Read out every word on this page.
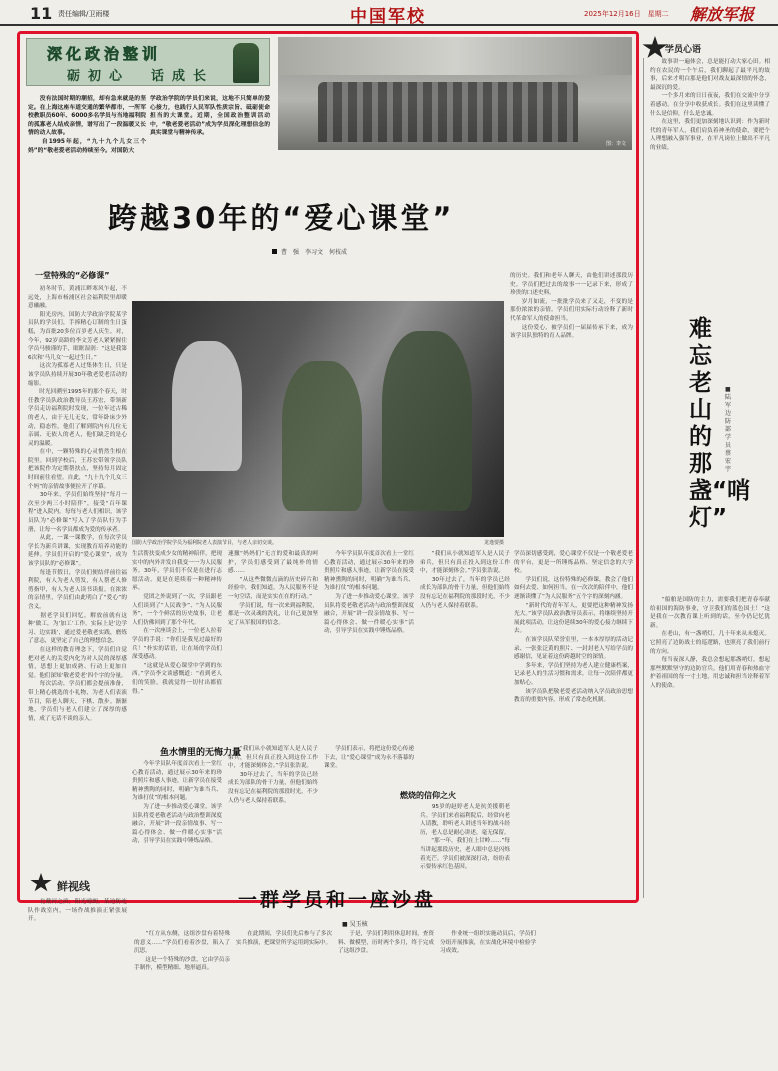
11 责任编辑/卫雨楼	中国军校	2025年12月16日　星期二 解放军报
深化政治整训
砺初心　话成长
　　没有法国时期的潮招，却有急来就是的坚定。在上海这座车道交通的繁华都市，一所军校教职员60年、6000多名学员与当地福利院的孤寡老人结成亲情，谱写出了一段温暖又长情的动人故事。
　　自1995年起，“九十九个儿女三个妈”的“敬老爱老活动持续至今。对国防大
学政治学院的学员们来说，这地不只简单的爱心接力，也践行人民军队性质宗旨、砥砺使命担当的大课堂。近期，全国政治整训活动中，“敬老爱老活动”成为学员深化理想信念的真实课堂与精神传承。
图：李文
跨越30年的“爱心课堂”
曹　强　李习文　何枝成
一堂特殊的“必修课”
　　初冬时节，黄浦江畔寒风乍起，不远处，上海市杨浦区社会福利院里却暖意融融。
　　阳光房内，国防大学政治学院某学员队的学员们，手捧精心订制的生日蛋糕，为首批20多位百岁老人庆生。对，今年，92岁高龄的李文芳老人紧紧握住学员马骏谨的手，眼眶湿润：“这是我第6次和‘马儿女’一起过生日。”
　　这次为孤寡老人过集体生日，只是该学员队持续开展30年敬老爱老活动的缩影。
　　时光回溯至1995年的那个春天，时任教学员队政治教导员王苏宏，带领新学员走访福利院时发现，一位年过古稀的老人，由于无儿无女，常年卧床少外动，稳态性，他们了解到院内有几位无亲属、无依人的老人，他们缺乏的是心灵的温暖。
　　在中，一颗特殊的心灵悄然生根在院里。回到学校后，王苏宏带领学员队把该院作为定期帮扶点，坚持每月固定时间前往看望。自此，“九十九个儿女三个妈”的亲情故事便拉开了序幕。
　　30年来，学员们始终坚持“每月一次至少两三小时陪伴”，接受“百年课程”进入院内。每每与老人们相识，该学员队为“必修课”写入了学员队行为手册，让每一名学员都成为爱的传承者。
　　从此，一课一课教学，在每次学员学长为新兵讲课，实现教育培养功能的延伸。学员们开启的“爱心课堂”，成为该学员队的“必修课”。
　　每逢节假日，学员们便结伴前往福利院，有人为老人剪发，有人帮老人修剪指甲，有人为老人读书读报。在浓浓的亲情里，学员们由此明白了“爱心”的含义。
　　据老学员们回忆，解放前就有这种‘做工，为‘加工’工作。实际上是‘边学习、边实践’，通过爱老敬老实践，磨炼了意志，更坚定了自己的理想信念。
　　在这样的教育理念下，学员们自觉把对老人的关爱内化为对人民的深厚感情，思想上更加成熟、行动上更加自觉。他们深知‘敬老爱老’四个字的分量。
　　每次活动，学员们都会提前准备，带上精心挑选的小礼物，为老人们表演节目，陪老人聊天、下棋、散步。渐渐地，学员们与老人们建立了深厚的感情，成了无话不谈的亲人。
国防大学政治学院学员为福利院老人表演节目，与老人亲切交谈。	龙逸要摄
的历史。我们和老年人聊天，由他们讲述那段历史。学员们把过去的故事一一记录下来，形成了珍贵的口述史料。
　　岁月如流，一批批学员来了又走，不变的是那份浓浓的亲情。学员们用实际行动诠释了新时代革命军人的使命担当。
　　这份爱心，被学员们一届届传承下来，成为该学员队独特的育人品牌。
生活帮扶变成少女的精神陪伴，把现实中的内外并发自我变一一为人民服务。30年，学员们不仅是在进行志愿活动，更是在延续着一种精神传承。
　　党团之外说到了一次，学员跟老人们谈到了“人民战争”、“为人民服务”，一个个鲜活的历史故事，让老人们仿佛回到了那个年代。
　　在一次座谈会上，一位老人拉着学员的手说：“你们是我见过最好的兵！”朴实的话语，让在场的学员们深受感动。
　　“这就是从爱心课堂中学到的东西。”学员李文谈感慨道：“看到老人们的笑脸，我就觉得一切付出都值得。”
速撤“妈妈们”无言的爱和最真的呵护，学员们感受到了最纯朴的情感……
　　“从这些微微点滴的历史碎片和经验中，我们知道，为人民服务不是一句空话，而是实实在在的行动。”
　　学员们说，每一次来到福利院，都是一次灵魂的洗礼，让自己更加坚定了从军报国的信念。
　　今年学员队年度首次看上一堂红心教育活动，通过展示30年来的珍贵照片和感人事迹，让新学员在接受精神熏陶的同时，明确“为谁当兵、为谁打仗”的根本问题。
　　为了进一步推动爱心课堂，该学员队将爱老敬老活动与政治整训深度融合，开展“讲一段亲情故事、写一篇心得体会、做一件暖心实事”活动，引导学员在实践中锤炼品格。
　　“我们从小就知道军人是人民子弟兵，但只有真正投入到这份工作中，才能深刻体会。”学员张浩说。
　　30年过去了，当年的学员已经成长为部队的骨干力量，但他们始终没有忘记在福利院的那段时光，不少人仍与老人保持着联系。
学员深切感受到，爱心课堂不仅是一个敬老爱老的平台，更是一所锤炼品格、坚定信念的大学校。
　　学员们说，这份特殊的必修课，教会了他们如何去爱、如何担当。在一次次的陪伴中，他们逐渐读懂了“为人民服务”五个字的深刻内涵。
　　“新时代的青年军人，更要把这种精神发扬光大。”该学员队政治教导员表示，将继续坚持开展此项活动，让这份延续30年的爱心接力继续下去。
　　在该学员队荣誉室里，一本本厚厚的活动记录、一张张泛黄的照片、一封封老人写给学员的感谢信，见证着这份跨越时空的深情。
　　多年来，学员们坚持为老人建立健康档案，记录老人的生活习惯和需求，让每一次陪伴都更加贴心。
　　该学员队把敬老爱老活动纳入学员政治思想教育的重要内容，形成了常态化机制。
鱼水情里的无悔力量
　　今年学员队年度首次看上一堂红心教育活动，通过展示30年来的珍贵照片和感人事迹，让新学员在接受精神熏陶的同时，明确“为谁当兵、为谁打仗”的根本问题。
　　为了进一步推动爱心课堂，该学员队将爱老敬老活动与政治整训深度融合，开展“讲一段亲情故事、写一篇心得体会、做一件暖心实事”活动，引导学员在实践中锤炼品格。
　　“我们从小就知道军人是人民子弟兵，但只有真正投入到这份工作中，才能深刻体会。”学员张浩说。
　　30年过去了，当年的学员已经成长为部队的骨干力量，但他们始终没有忘记在福利院的那段时光，不少人仍与老人保持着联系。
　　学员们表示，将把这份爱心传递下去，让“爱心课堂”成为永不落幕的课堂。
燃烧的信仰之火
　　95岁的赵婷老人是抗美援朝老兵。学员们来看福利院后，经常向老人请教，聆听老人讲述当年的战斗经历，老人总是耐心讲述，毫无保留。
　　“那一年，我们在上甘岭……”每当讲起那段历史，老人眼中总是闪烁着光芒。学员们被深深打动，纷纷表示要传承红色基因。
学员心语
　　故事讲一遍体会，总是能打动大家心田。相约在农民的一个午后，我们聊起了最平凡的故事，后来才明白那是他们对战友最深情的怀念，最深沉的爱。
　　一个多月来的日日夜夜，我们在交流中分享着感动，在分享中收获成长。我们在这里读懂了什么是信仰，什么是忠诚。
　　在这里，我们更加深刻地认识到：作为新时代的青年军人，我们肩负着神圣的使命，要把个人理想融入强军事业，在平凡岗位上做出不平凡的业绩。
难忘老山的那盏“哨灯”
■陆军边防部学员 蔡宏宇
　　“船舶是国防的主力，需要我们把青春奉献给祖国的海防事业，守卫我们的蓝色国土！”这是我在一次教育课上听到的话，至今仍记忆犹新。
　　在老山，有一盏哨灯，几十年来从未熄灭。它照亮了边防战士的巡逻路，也照亮了我们前行的方向。
　　每当夜深人静，我总会想起那盏哨灯，想起那些默默坚守的边防官兵。他们用青春和热血守护着祖国的每一寸土地，用忠诚和担当诠释着军人的使命。
鲜视线
一群学员和一座沙盘
■ 吴玉核
　　北戴河之滨，阳光晴朗，某边防连队作战室内，一场作战推演正紧张展开。
　　“红方从东侧，这组沙盘有着特殊的意义……”学员们看着沙盘，陷入了沉思。
　　这是一个特殊的沙盘，它由学员亲手制作，模型精细、地形逼真。
　　在此期间，学员们先后参与了多次实兵推演，把课堂所学运用到实际中。
　　于是，学员们利用休息时间，查资料、做模型，历时两个多月，终于完成了这组沙盘。
　　作业统一组织实施动员后，学员们分组开展推演，在实战化环境中检验学习成效。
